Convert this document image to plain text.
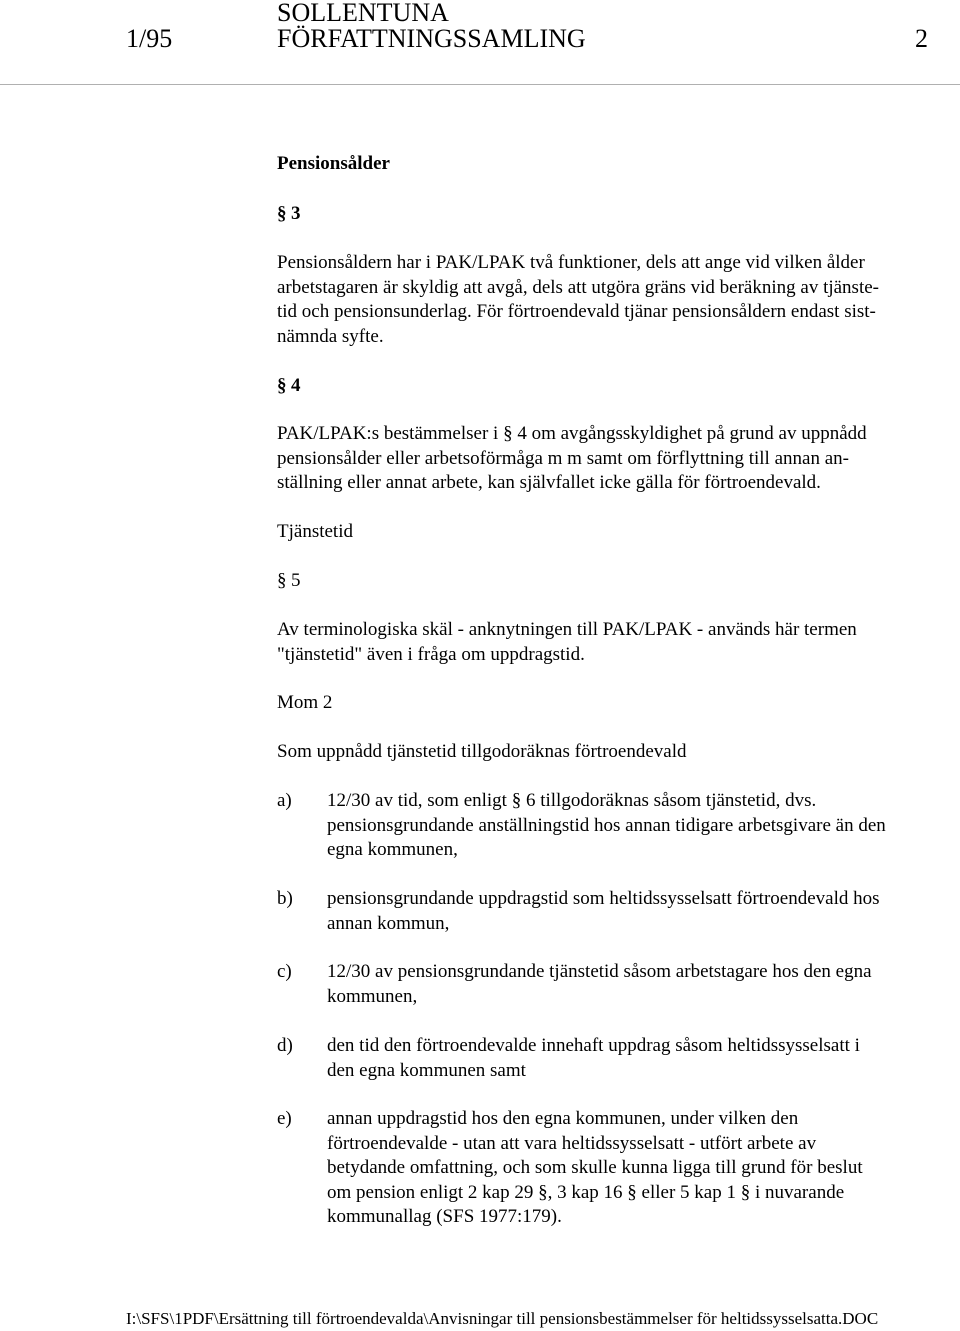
1/95
SOLLENTUNA
FÖRFATTNINGSSAMLING	2
Pensionsålder
§ 3
Pensionsåldern har i PAK/LPAK två funktioner, dels att ange vid vilken ålder
arbetstagaren är skyldig att avgå, dels att utgöra gräns vid beräkning av tjänste-
tid och pensionsunderlag. För förtroendevald tjänar pensionsåldern endast sist-
nämnda syfte.
§ 4
PAK/LPAK:s bestämmelser i § 4 om avgångsskyldighet på grund av uppnådd
pensionsålder eller arbetsoförmåga m m samt om förflyttning till annan an-
ställning eller annat arbete, kan självfallet icke gälla för förtroendevald.
Tjänstetid
§ 5
Av terminologiska skäl - anknytningen till PAK/LPAK - används här termen
"tjänstetid" även i fråga om uppdragstid.
Mom 2
Som uppnådd tjänstetid tillgodoräknas förtroendevald
a) 12/30 av tid, som enligt § 6 tillgodoräknas såsom tjänstetid, dvs.
pensionsgrundande anställningstid hos annan tidigare arbetsgivare än den
egna kommunen,
b) pensionsgrundande uppdragstid som heltidssysselsatt förtroendevald hos
annan kommun,
c) 12/30 av pensionsgrundande tjänstetid såsom arbetstagare hos den egna
kommunen,
d) den tid den förtroendevalde innehaft uppdrag såsom heltidssysselsatt i
den egna kommunen samt
e) annan uppdragstid hos den egna kommunen, under vilken den
förtroendevalde - utan att vara heltidssysselsatt - utfört arbete av
betydande omfattning, och som skulle kunna ligga till grund för beslut
om pension enligt 2 kap 29 §, 3 kap 16 § eller 5 kap 1 § i nuvarande
kommunallag (SFS 1977:179).
I:\SFS\1PDF\Ersättning till förtroendevalda\Anvisningar till pensionsbestämmelser för heltidssysselsatta.DOC
